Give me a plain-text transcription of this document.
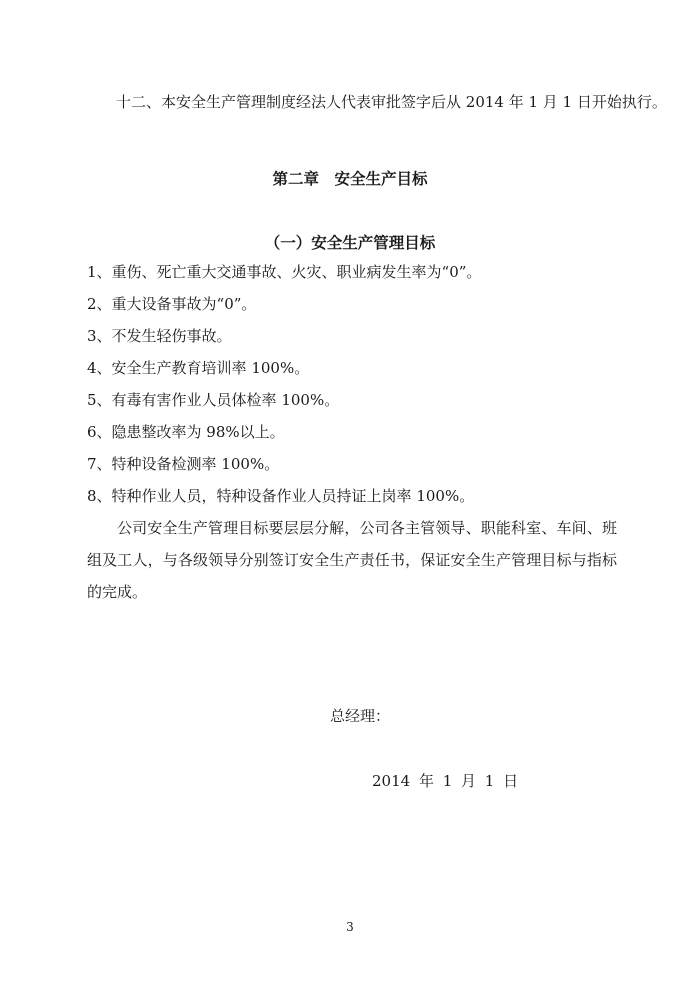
十二、本安全生产管理制度经法人代表审批签字后从 2014 年 1 月 1 日开始执行。
第二章　安全生产目标
（一）安全生产管理目标
1、重伤、死亡重大交通事故、火灾、职业病发生率为“0”。
2、重大设备事故为“0”。
3、不发生轻伤事故。
4、安全生产教育培训率 100%。
5、有毒有害作业人员体检率 100%。
6、隐患整改率为 98%以上。
7、特种设备检测率 100%。
8、特种作业人员，特种设备作业人员持证上岗率 100%。
公司安全生产管理目标要层层分解，公司各主管领导、职能科室、车间、班组及工人，与各级领导分别签订安全生产责任书，保证安全生产管理目标与指标的完成。
总经理：
2014 年 1 月 1 日
3
